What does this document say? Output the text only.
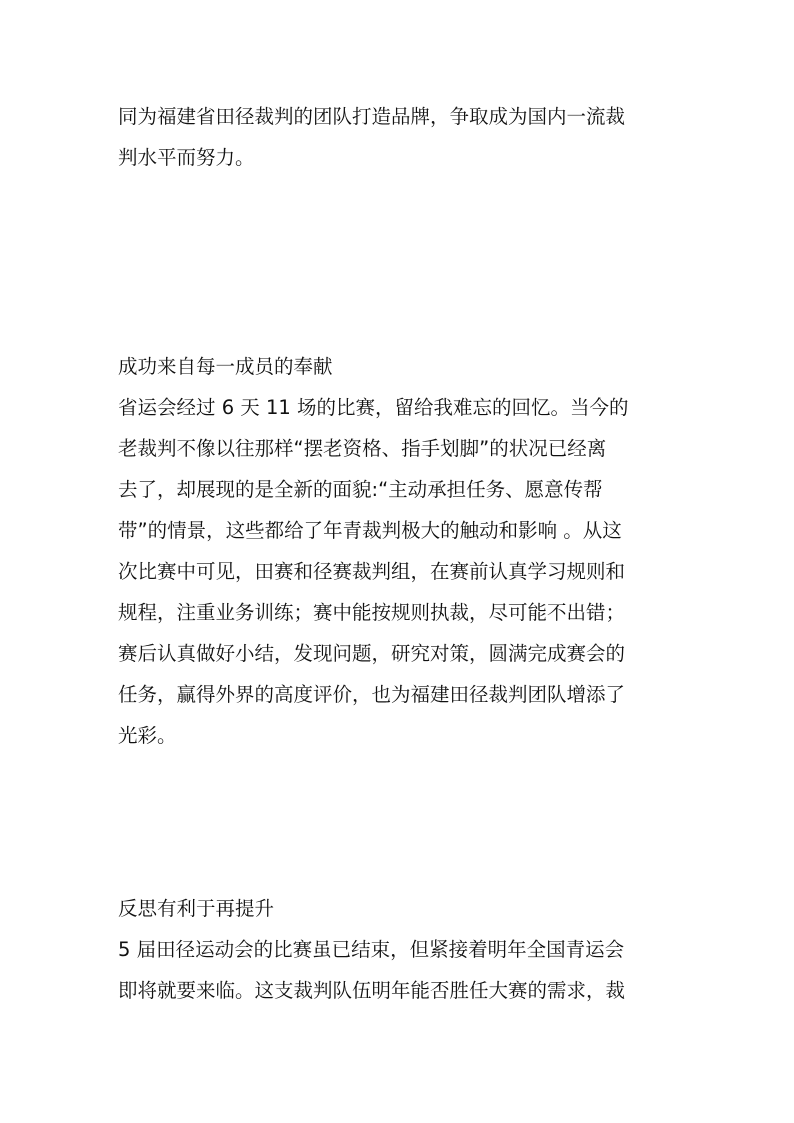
同为福建省田径裁判的团队打造品牌，争取成为国内一流裁
判水平而努力。
成功来自每一成员的奉献
省运会经过 6 天 11 场的比赛，留给我难忘的回忆。当今的
老裁判不像以往那样“摆老资格、指手划脚”的状况已经离
去了，却展现的是全新的面貌:“主动承担任务、愿意传帮
带”的情景，这些都给了年青裁判极大的触动和影响 。从这
次比赛中可见，田赛和径赛裁判组，在赛前认真学习规则和
规程，注重业务训练；赛中能按规则执裁，尽可能不出错；
赛后认真做好小结，发现问题，研究对策，圆满完成赛会的
任务，赢得外界的高度评价，也为福建田径裁判团队增添了
光彩。
反思有利于再提升
5 届田径运动会的比赛虽已结束，但紧接着明年全国青运会
即将就要来临。这支裁判队伍明年能否胜任大赛的需求，裁
